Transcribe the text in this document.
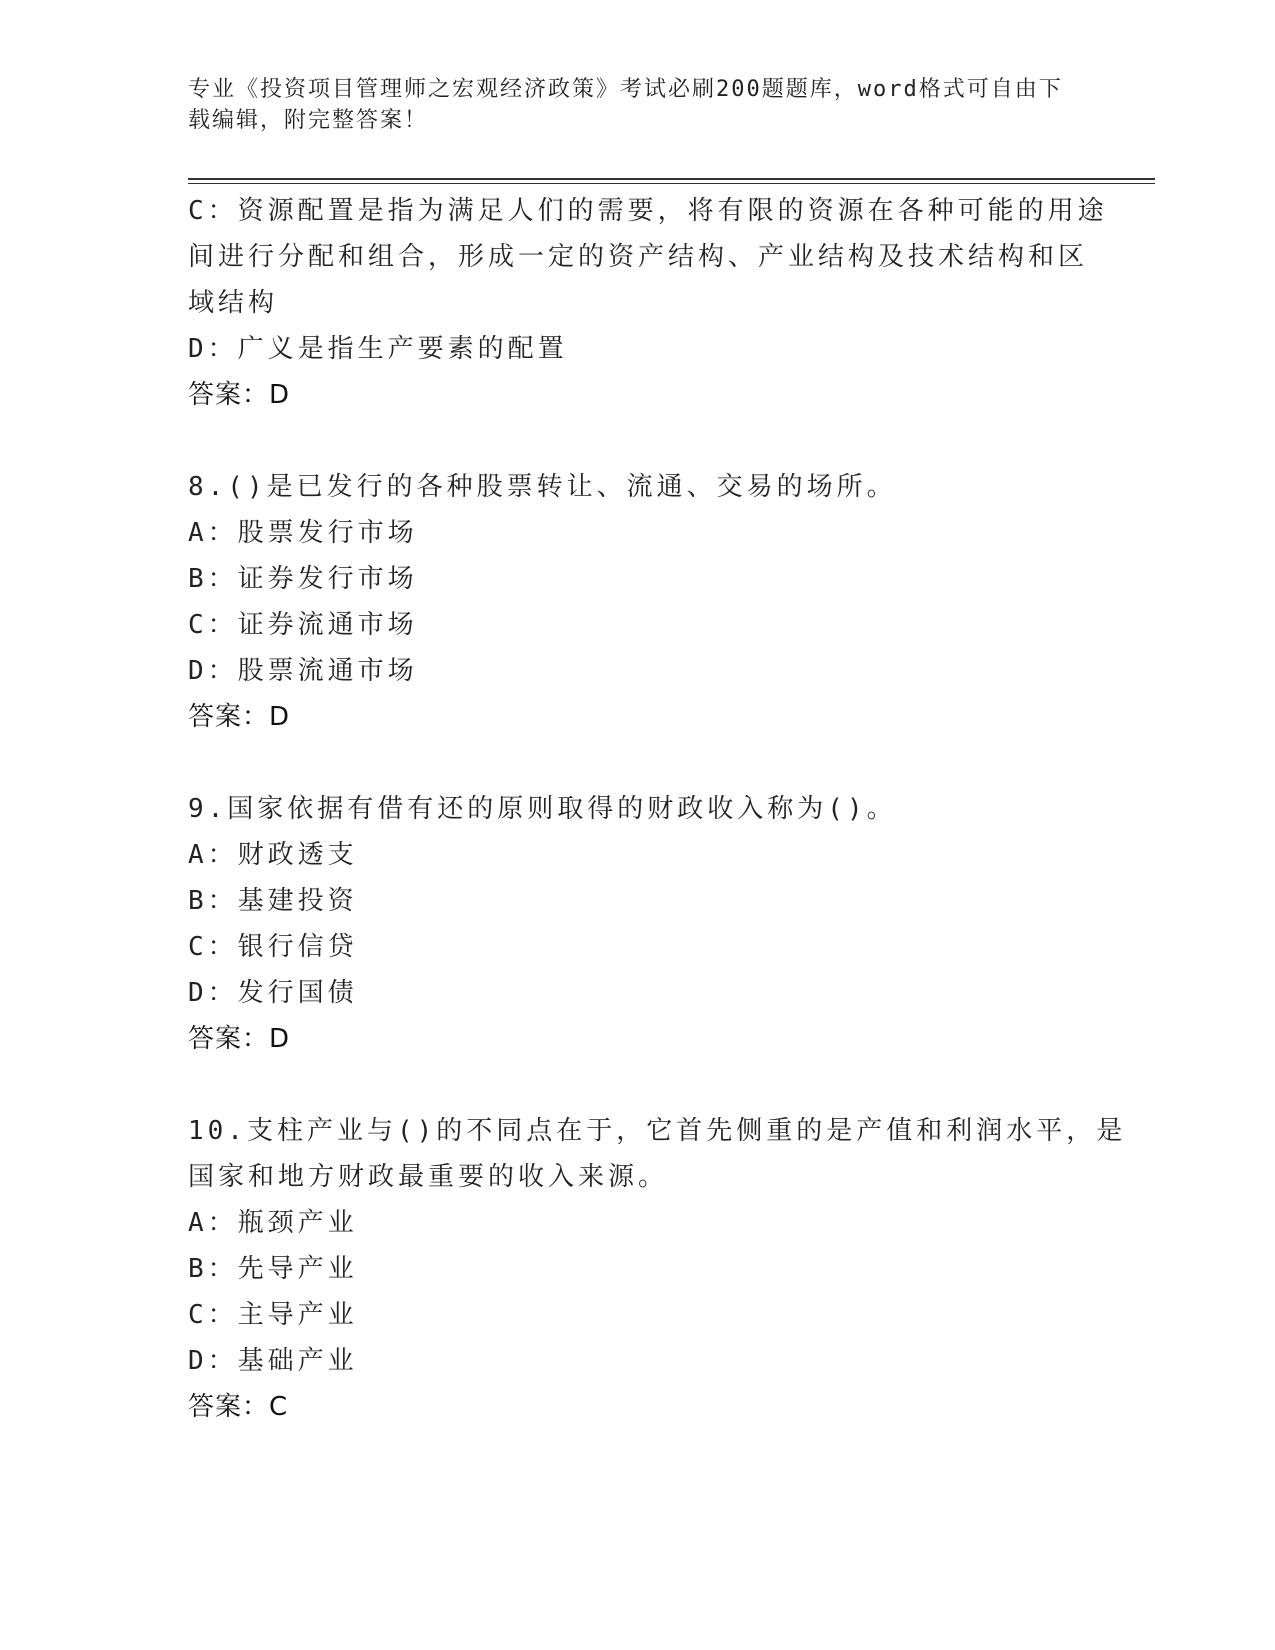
专业《投资项目管理师之宏观经济政策》考试必刷200题题库，word格式可自由下载编辑，附完整答案！
C：资源配置是指为满足人们的需要，将有限的资源在各种可能的用途
间进行分配和组合，形成一定的资产结构、产业结构及技术结构和区
域结构
D：广义是指生产要素的配置
答案：D
8.()是已发行的各种股票转让、流通、交易的场所。
A：股票发行市场
B：证券发行市场
C：证券流通市场
D：股票流通市场
答案：D
9.国家依据有借有还的原则取得的财政收入称为()。
A：财政透支
B：基建投资
C：银行信贷
D：发行国债
答案：D
10.支柱产业与()的不同点在于，它首先侧重的是产值和利润水平，是
国家和地方财政最重要的收入来源。
A：瓶颈产业
B：先导产业
C：主导产业
D：基础产业
答案：C
